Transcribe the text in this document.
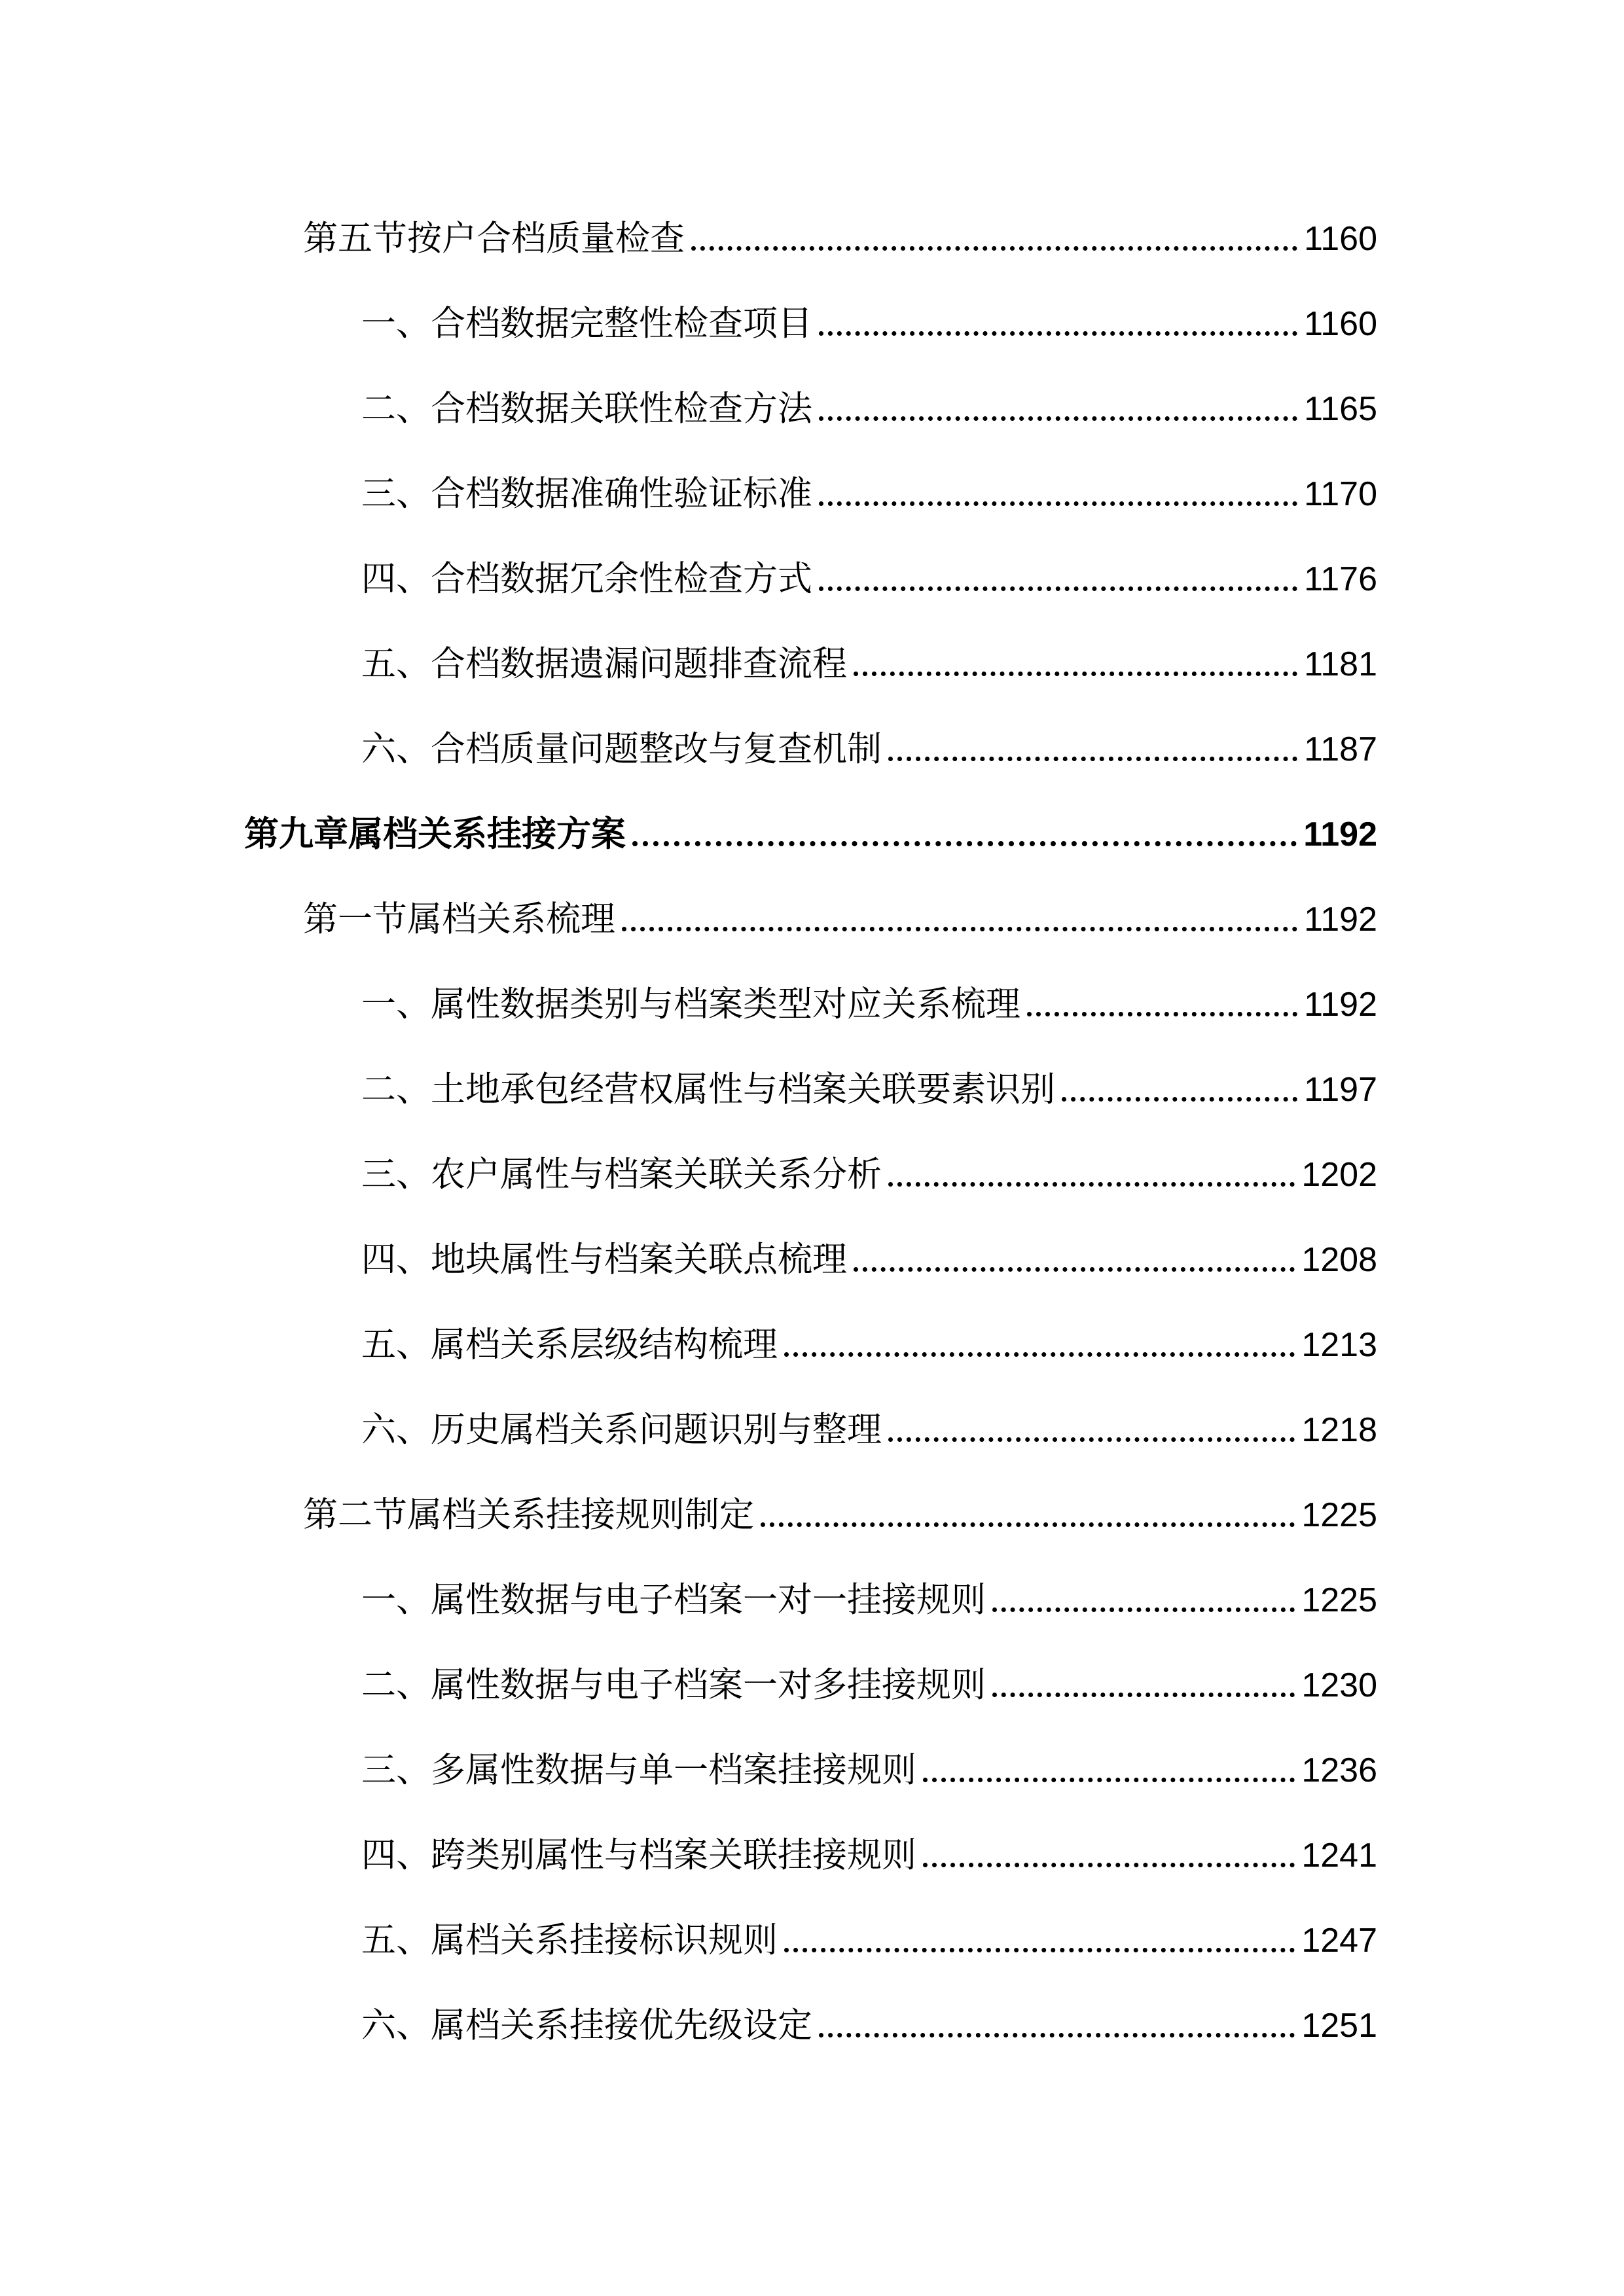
第五节按户合档质量检查	1160
一、合档数据完整性检查项目	1160
二、合档数据关联性检查方法	1165
三、合档数据准确性验证标准	1170
四、合档数据冗余性检查方式	1176
五、合档数据遗漏问题排查流程	1181
六、合档质量问题整改与复查机制	1187
第九章属档关系挂接方案	1192
第一节属档关系梳理	1192
一、属性数据类别与档案类型对应关系梳理	1192
二、土地承包经营权属性与档案关联要素识别	1197
三、农户属性与档案关联关系分析	1202
四、地块属性与档案关联点梳理	1208
五、属档关系层级结构梳理	1213
六、历史属档关系问题识别与整理	1218
第二节属档关系挂接规则制定	1225
一、属性数据与电子档案一对一挂接规则	1225
二、属性数据与电子档案一对多挂接规则	1230
三、多属性数据与单一档案挂接规则	1236
四、跨类别属性与档案关联挂接规则	1241
五、属档关系挂接标识规则	1247
六、属档关系挂接优先级设定	1251
